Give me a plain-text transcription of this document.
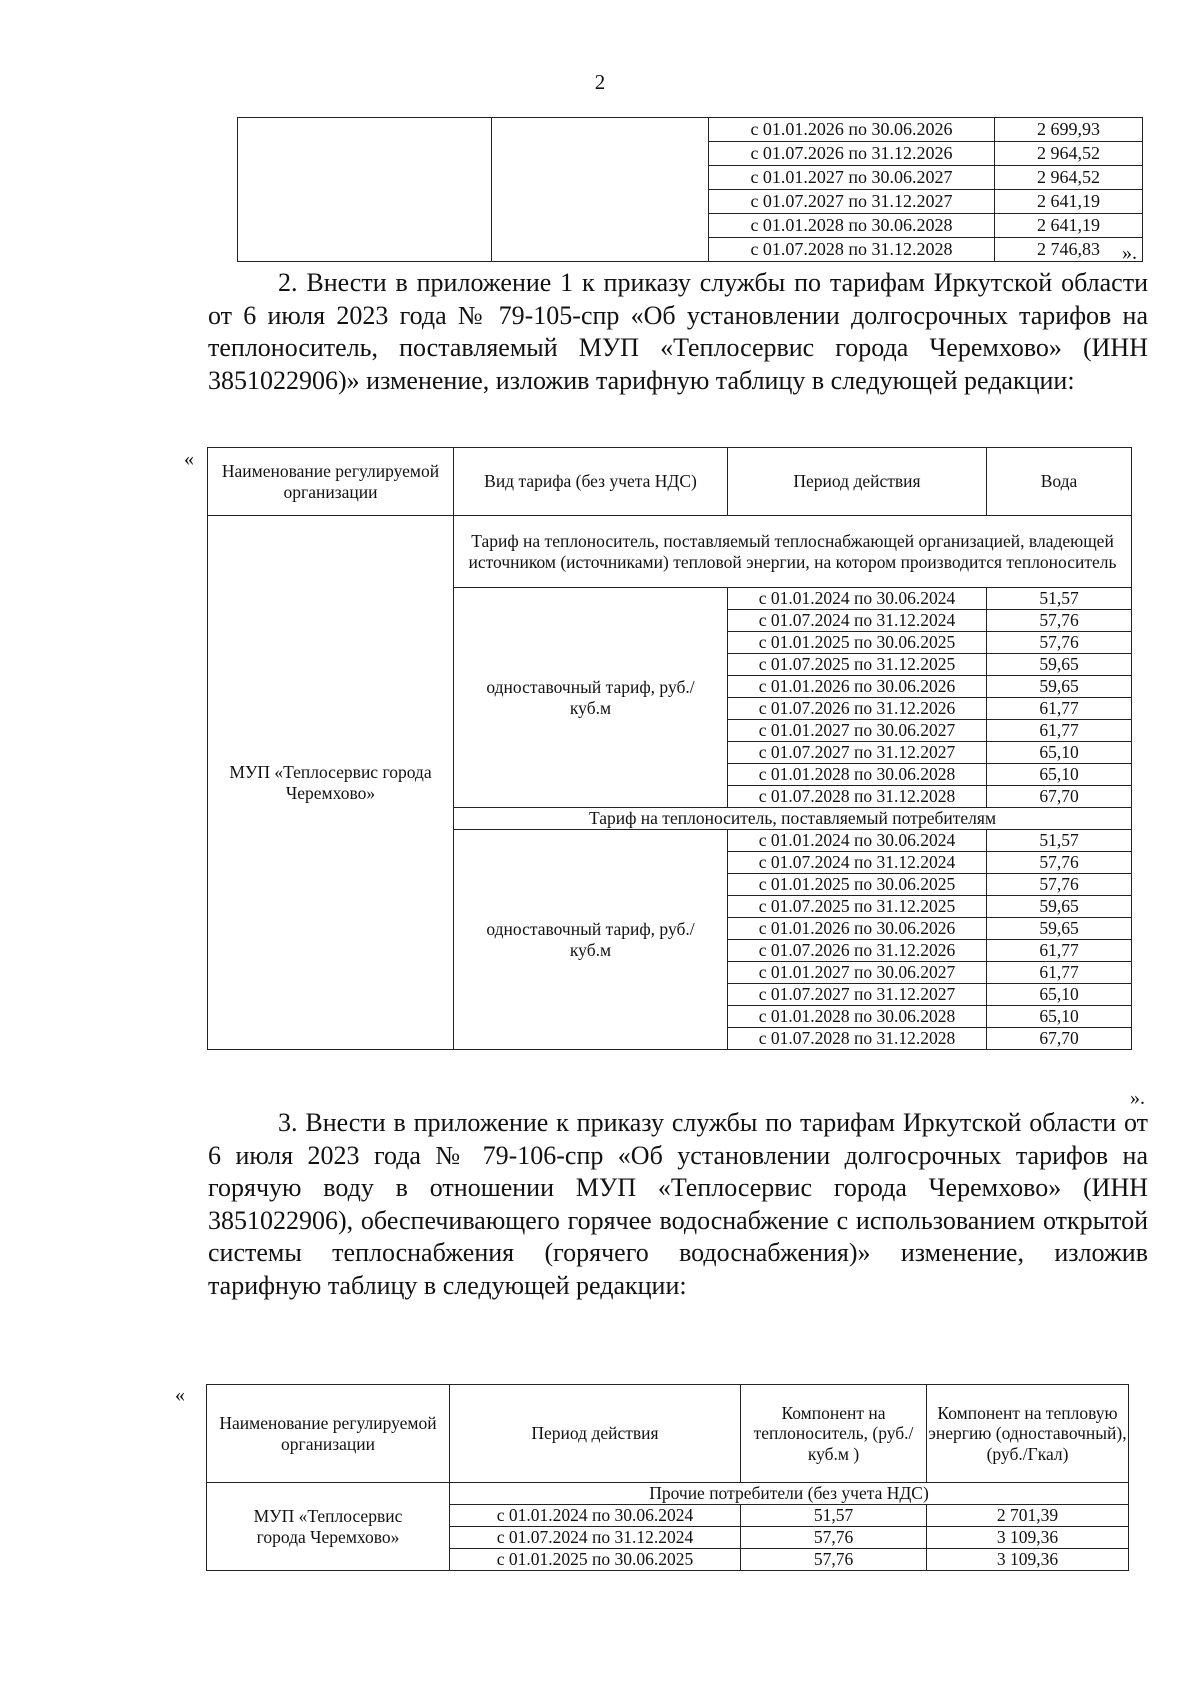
2
		с 01.01.2026 по 30.06.2026	2 699,93
		с 01.07.2026 по 31.12.2026	2 964,52
		с 01.01.2027 по 30.06.2027	2 964,52
		с 01.07.2027 по 31.12.2027	2 641,19
		с 01.01.2028 по 30.06.2028	2 641,19
		с 01.07.2028 по 31.12.2028	2 746,83 ».
2. Внести в приложение 1 к приказу службы по тарифам Иркутской области от 6 июля 2023 года № 79-105-спр «Об установлении долгосрочных тарифов на теплоноситель, поставляемый МУП «Теплосервис города Черемхово» (ИНН 3851022906)» изменение, изложив тарифную таблицу в следующей редакции:
«
Наименование регулируемой организации	Вид тарифа (без учета НДС)	Период действия	Вода
МУП «Теплосервис города Черемхово»	Тариф на теплоноситель, поставляемый теплоснабжающей организацией, владеющей источником (источниками) тепловой энергии, на котором производится теплоноситель		
	одноставочный тариф, руб./куб.м	с 01.01.2024 по 30.06.2024	51,57
		с 01.07.2024 по 31.12.2024	57,76
		с 01.01.2025 по 30.06.2025	57,76
		с 01.07.2025 по 31.12.2025	59,65
		с 01.01.2026 по 30.06.2026	59,65
		с 01.07.2026 по 31.12.2026	61,77
		с 01.01.2027 по 30.06.2027	61,77
		с 01.07.2027 по 31.12.2027	65,10
		с 01.01.2028 по 30.06.2028	65,10
		с 01.07.2028 по 31.12.2028	67,70
	Тариф на теплоноситель, поставляемый потребителям		
	одноставочный тариф, руб./куб.м	с 01.01.2024 по 30.06.2024	51,57
		с 01.07.2024 по 31.12.2024	57,76
		с 01.01.2025 по 30.06.2025	57,76
		с 01.07.2025 по 31.12.2025	59,65
		с 01.01.2026 по 30.06.2026	59,65
		с 01.07.2026 по 31.12.2026	61,77
		с 01.01.2027 по 30.06.2027	61,77
		с 01.07.2027 по 31.12.2027	65,10
		с 01.01.2028 по 30.06.2028	65,10
		с 01.07.2028 по 31.12.2028	67,70
».
3. Внести в приложение к приказу службы по тарифам Иркутской области от 6 июля 2023 года № 79-106-спр «Об установлении долгосрочных тарифов на горячую воду в отношении МУП «Теплосервис города Черемхово» (ИНН 3851022906), обеспечивающего горячее водоснабжение с использованием открытой системы теплоснабжения (горячего водоснабжения)» изменение, изложив тарифную таблицу в следующей редакции:
«
Наименование регулируемой организации	Период действия	Компонент на теплоноситель, (руб./куб.м )	Компонент на тепловую энергию (одноставочный), (руб./Гкал)
МУП «Теплосервис города Черемхово»	Прочие потребители (без учета НДС)		
	с 01.01.2024 по 30.06.2024	51,57	2 701,39
	с 01.07.2024 по 31.12.2024	57,76	3 109,36
	с 01.01.2025 по 30.06.2025	57,76	3 109,36
